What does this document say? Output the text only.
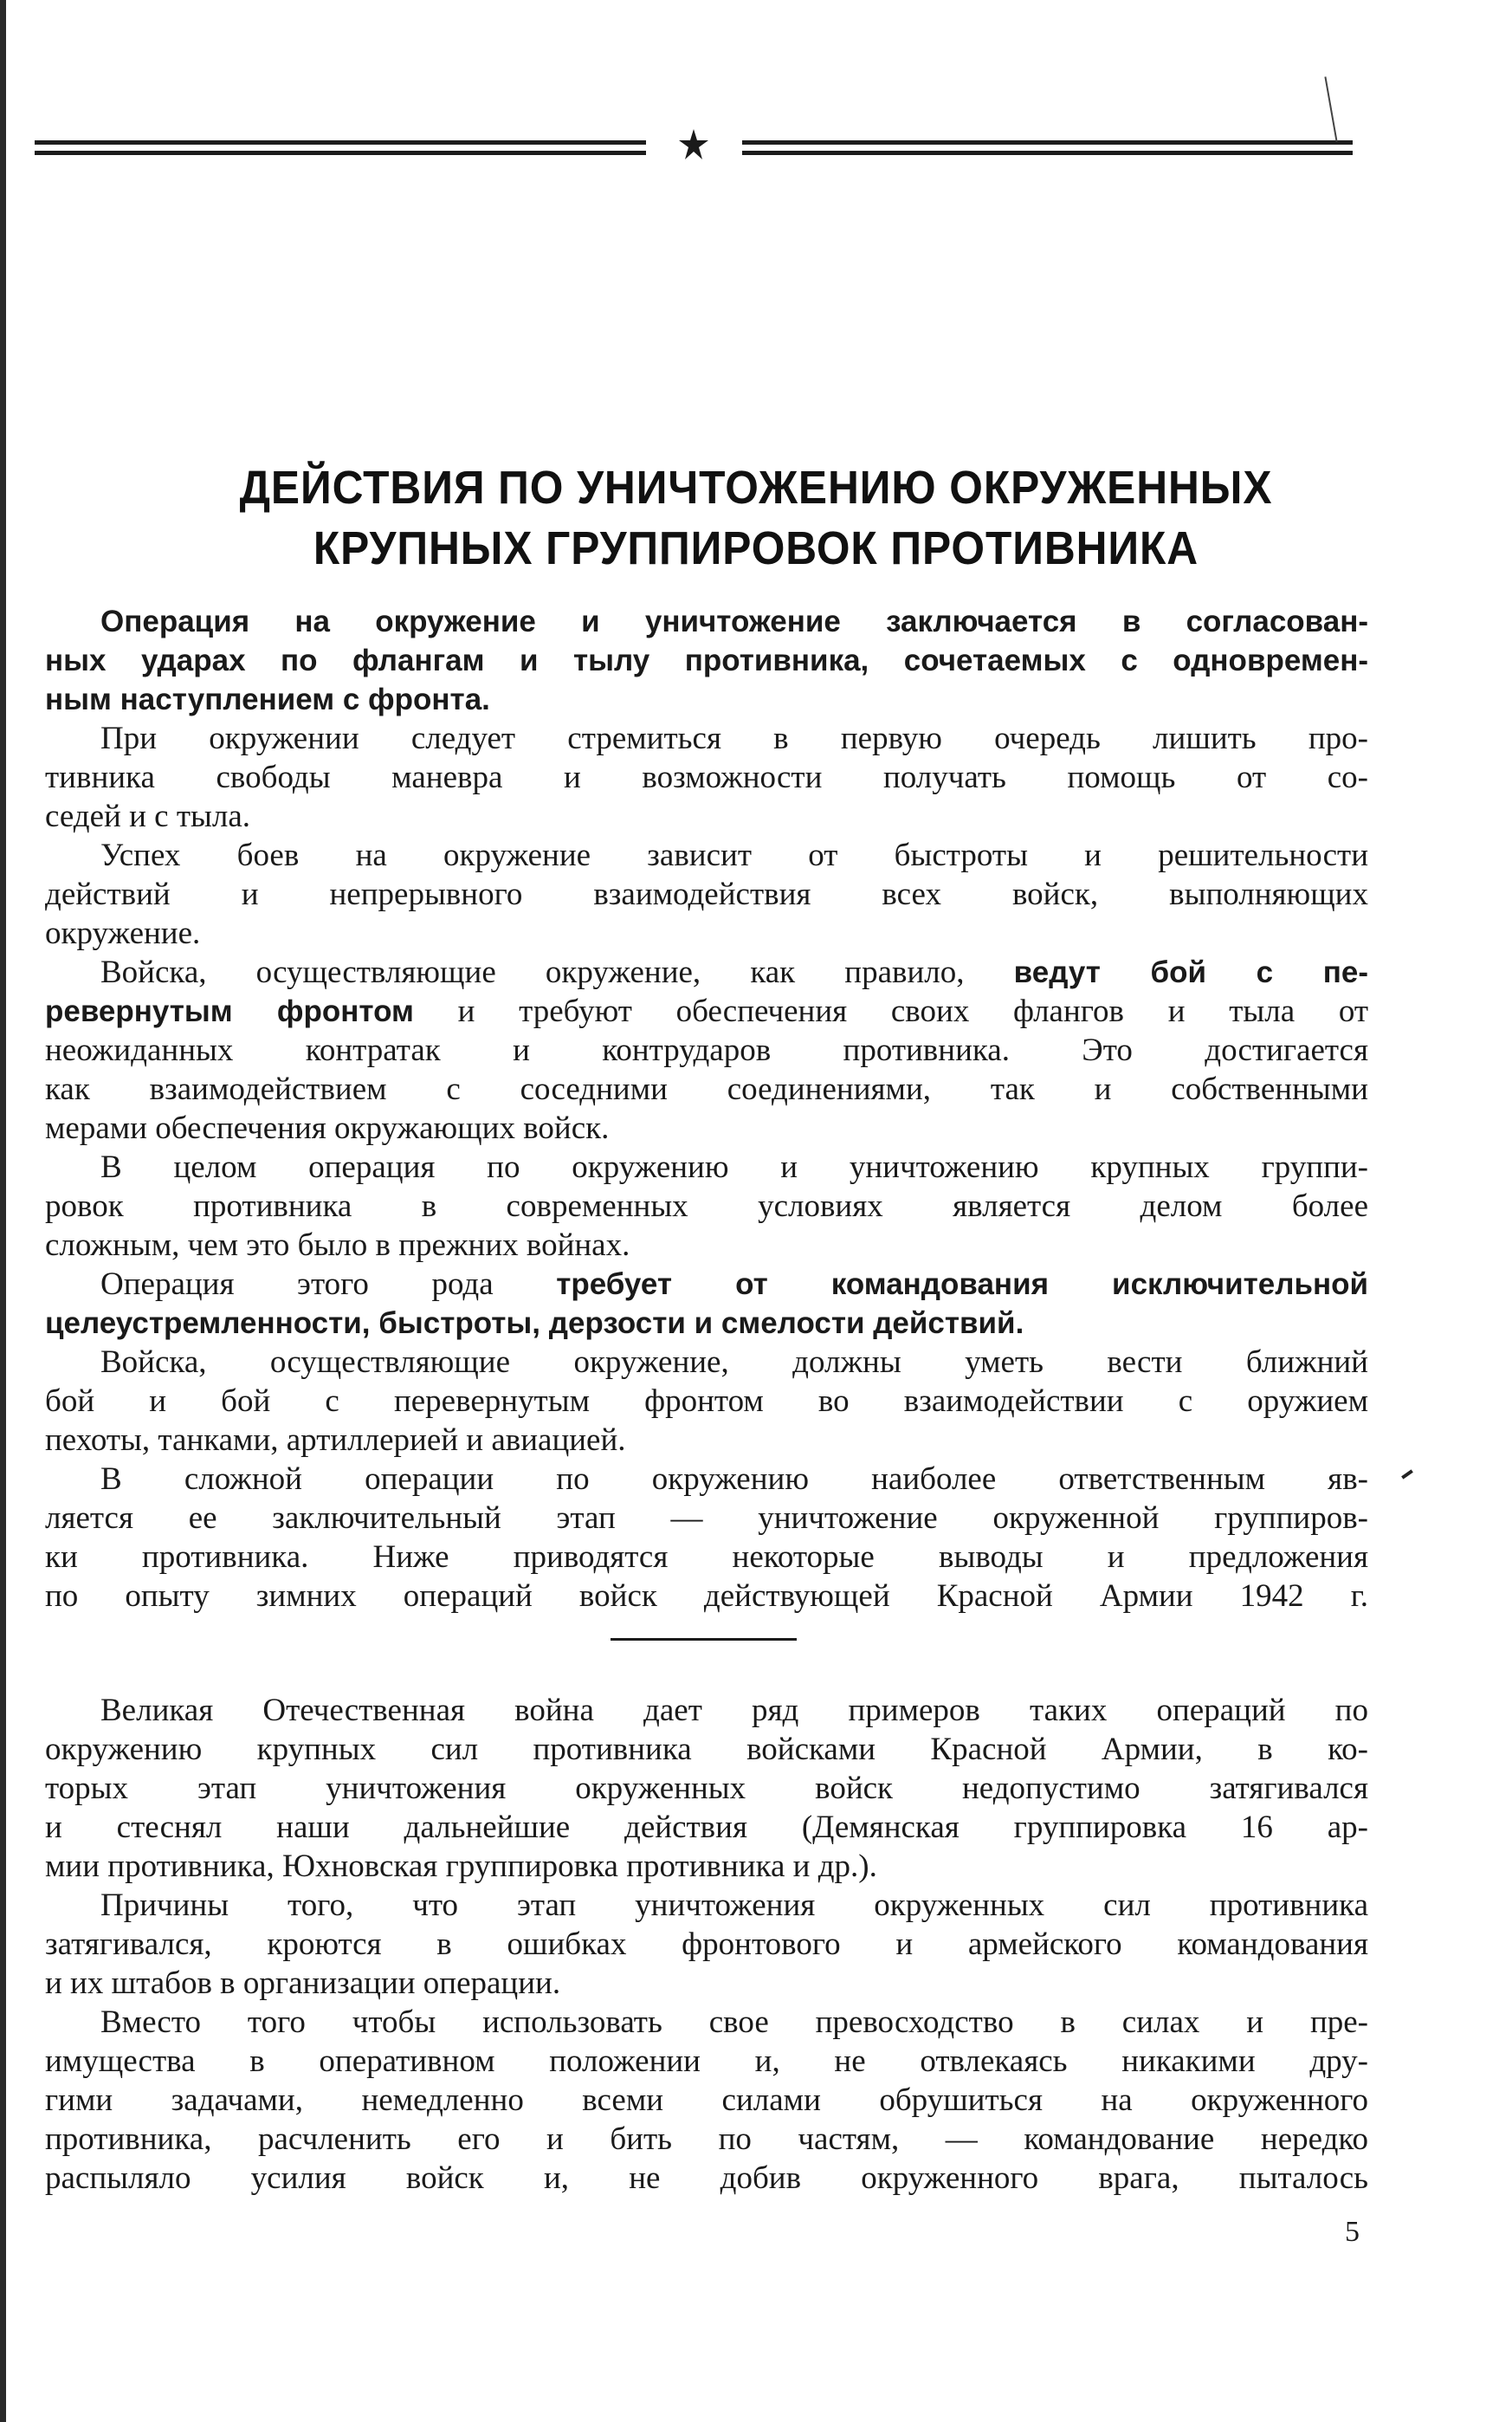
ДЕЙСТВИЯ ПО УНИЧТОЖЕНИЮ ОКРУЖЕННЫХ
КРУПНЫХ ГРУППИРОВОК ПРОТИВНИКА
Операция на окружение и уничтожение заключается в согласован-
ных ударах по флангам и тылу противника, сочетаемых с одновремен-
ным наступлением с фронта.
При окружении следует стремиться в первую очередь лишить про-
тивника свободы маневра и возможности получать помощь от со-
седей и с тыла.
Успех боев на окружение зависит от быстроты и решительности
действий и непрерывного взаимодействия всех войск, выполняющих
окружение.
Войска, осуществляющие окружение, как правило, ведут бой с пе-
ревернутым фронтом и требуют обеспечения своих флангов и тыла от
неожиданных контратак и контрударов противника. Это достигается
как взаимодействием с соседними соединениями, так и собственными
мерами обеспечения окружающих войск.
В целом операция по окружению и уничтожению крупных группи-
ровок противника в современных условиях является делом более
сложным, чем это было в прежних войнах.
Операция этого рода требует от командования исключительной
целеустремленности, быстроты, дерзости и смелости действий.
Войска, осуществляющие окружение, должны уметь вести ближний
бой и бой с перевернутым фронтом во взаимодействии с оружием
пехоты, танками, артиллерией и авиацией.
В сложной операции по окружению наиболее ответственным яв-
ляется ее заключительный этап — уничтожение окруженной группиров-
ки противника. Ниже приводятся некоторые выводы и предложения
по опыту зимних операций войск действующей Красной Армии 1942 г.
Великая Отечественная война дает ряд примеров таких операций по
окружению крупных сил противника войсками Красной Армии, в ко-
торых этап уничтожения окруженных войск недопустимо затягивался
и стеснял наши дальнейшие действия (Демянская группировка 16 ар-
мии противника, Юхновская группировка противника и др.).
Причины того, что этап уничтожения окруженных сил противника
затягивался, кроются в ошибках фронтового и армейского командования
и их штабов в организации операции.
Вместо того чтобы использовать свое превосходство в силах и пре-
имущества в оперативном положении и, не отвлекаясь никакими дру-
гими задачами, немедленно всеми силами обрушиться на окруженного
противника, расчленить его и бить по частям, — командование нередко
распыляло усилия войск и, не добив окруженного врага, пыталось
5
